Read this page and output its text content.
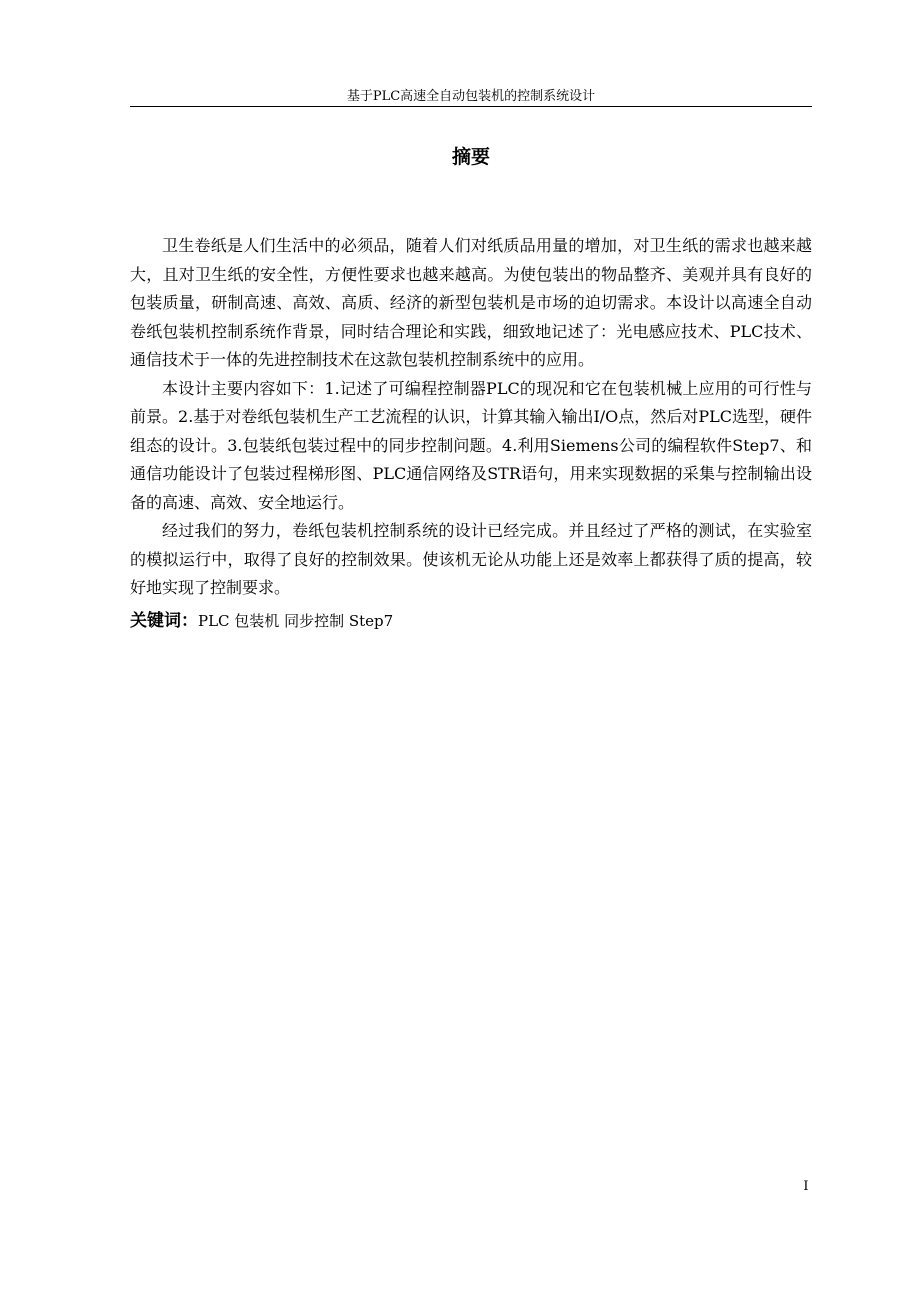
基于PLC高速全自动包装机的控制系统设计
摘要

卫生卷纸是人们生活中的必须品，随着人们对纸质品用量的增加，对卫生纸的需求也越来越大，且对卫生纸的安全性，方便性要求也越来越高。为使包装出的物品整齐、美观并具有良好的包装质量，研制高速、高效、高质、经济的新型包装机是市场的迫切需求。本设计以高速全自动卷纸包装机控制系统作背景，同时结合理论和实践，细致地记述了：光电感应技术、PLC技术、通信技术于一体的先进控制技术在这款包装机控制系统中的应用。

本设计主要内容如下：1.记述了可编程控制器PLC的现况和它在包装机械上应用的可行性与前景。2.基于对卷纸包装机生产工艺流程的认识，计算其输入输出I/O点，然后对PLC选型，硬件组态的设计。3.包装纸包装过程中的同步控制问题。4.利用Siemens公司的编程软件Step7、和通信功能设计了包装过程梯形图、PLC通信网络及STR语句，用来实现数据的采集与控制输出设备的高速、高效、安全地运行。

经过我们的努力，卷纸包装机控制系统的设计已经完成。并且经过了严格的测试，在实验室的模拟运行中，取得了良好的控制效果。使该机无论从功能上还是效率上都获得了质的提高，较好地实现了控制要求。

关键词：PLC 包装机 同步控制 Step7

I
